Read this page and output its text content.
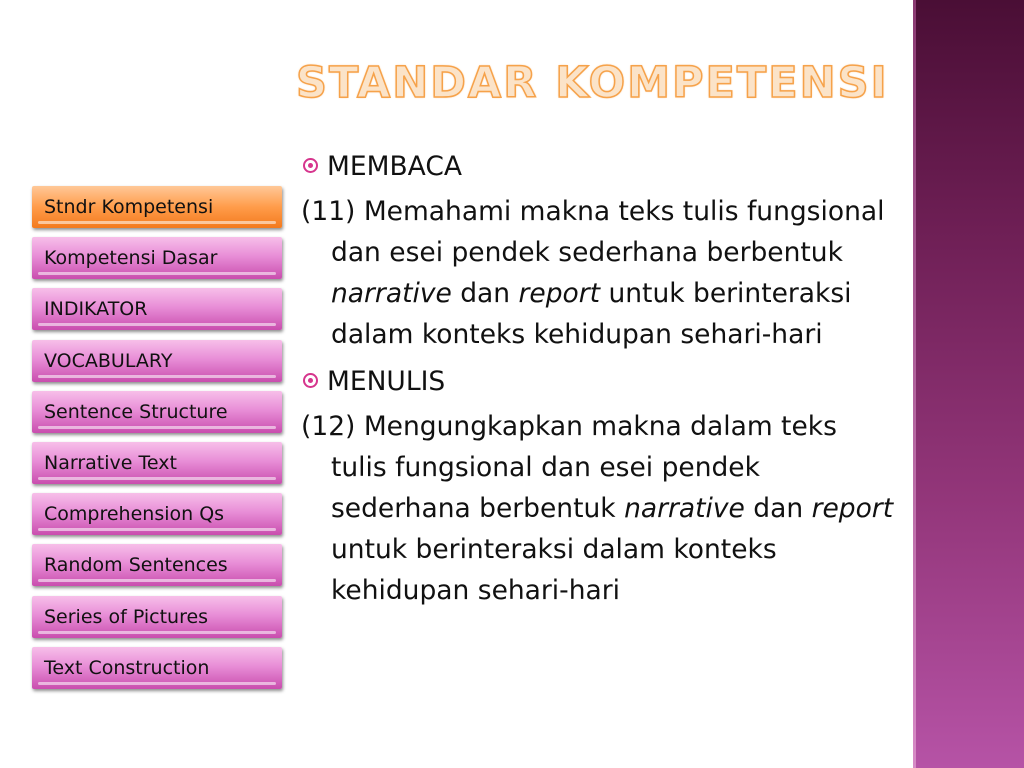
STANDAR KOMPETENSI
Stndr Kompetensi
Kompetensi Dasar
INDIKATOR
VOCABULARY
Sentence Structure
Narrative Text
Comprehension Qs
Random Sentences
Series of Pictures
Text Construction
MEMBACA
(11) Memahami makna teks tulis fungsional dan esei pendek sederhana berbentuk narrative dan report untuk berinteraksi dalam konteks kehidupan sehari-hari
MENULIS
(12) Mengungkapkan makna dalam teks tulis fungsional dan esei pendek sederhana berbentuk narrative dan report untuk berinteraksi dalam konteks kehidupan sehari-hari
